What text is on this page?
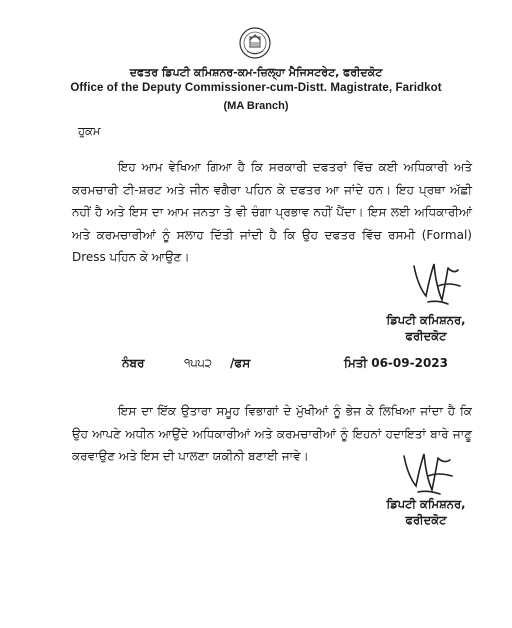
ਦਫਤਰ ਡਿਪਟੀ ਕਮਿਸ਼ਨਰ-ਕਮ-ਜ਼ਿਲ੍ਹਾ ਮੈਜਿਸਟਰੇਟ, ਫਰੀਦਕੋਟ
Office of the Deputy Commissioner-cum-Distt. Magistrate, Faridkot
(MA Branch)
ਹੁਕਮ
ਇਹ ਆਮ ਵੇਖਿਆ ਗਿਆ ਹੈ ਕਿ ਸਰਕਾਰੀ ਦਫਤਰਾਂ ਵਿੱਚ ਕਈ ਅਧਿਕਾਰੀ ਅਤੇ ਕਰਮਚਾਰੀ ਟੀ-ਸ਼ਰਟ ਅਤੇ ਜੀਨ ਵਗੈਰਾ ਪਹਿਨ ਕੇ ਦਫਤਰ ਆ ਜਾਂਦੇ ਹਨ। ਇਹ ਪ੍ਰਥਾ ਅੱਛੀ ਨਹੀਂ ਹੈ ਅਤੇ ਇਸ ਦਾ ਆਮ ਜਨਤਾ ਤੇ ਵੀ ਚੰਗਾ ਪ੍ਰਭਾਵ ਨਹੀਂ ਪੈਂਦਾ। ਇਸ ਲਈ ਅਧਿਕਾਰੀਆਂ ਅਤੇ ਕਰਮਚਾਰੀਆਂ ਨੂੰ ਸਲਾਹ ਦਿੱਤੀ ਜਾਂਦੀ ਹੈ ਕਿ ਉਹ ਦਫਤਰ ਵਿੱਚ ਰਸਮੀ (Formal) Dress ਪਹਿਨ ਕੇ ਆਉਣ।
ਡਿਪਟੀ ਕਮਿਸ਼ਨਰ,
ਫਰੀਦਕੋਟ
ਨੰਬਰ	੧੫੫੨ /ਫਸ	ਮਿਤੀ 06-09-2023
ਇਸ ਦਾ ਇੱਕ ਉਤਾਰਾ ਸਮੂਹ ਵਿਭਾਗਾਂ ਦੇ ਮੁੱਖੀਆਂ ਨੂੰ ਭੇਜ ਕੇ ਲਿਖਿਆ ਜਾਂਦਾ ਹੈ ਕਿ ਉਹ ਆਪਣੇ ਅਧੀਨ ਆਉਂਦੇ ਅਧਿਕਾਰੀਆਂ ਅਤੇ ਕਰਮਚਾਰੀਆਂ ਨੂੰ ਇਹਨਾਂ ਹਦਾਇਤਾਂ ਬਾਰੇ ਜਾਣੂ ਕਰਵਾਉਣ ਅਤੇ ਇਸ ਦੀ ਪਾਲਣਾ ਯਕੀਨੀ ਬਣਾਈ ਜਾਵੇ।
ਡਿਪਟੀ ਕਮਿਸ਼ਨਰ,
ਫਰੀਦਕੋਟ
